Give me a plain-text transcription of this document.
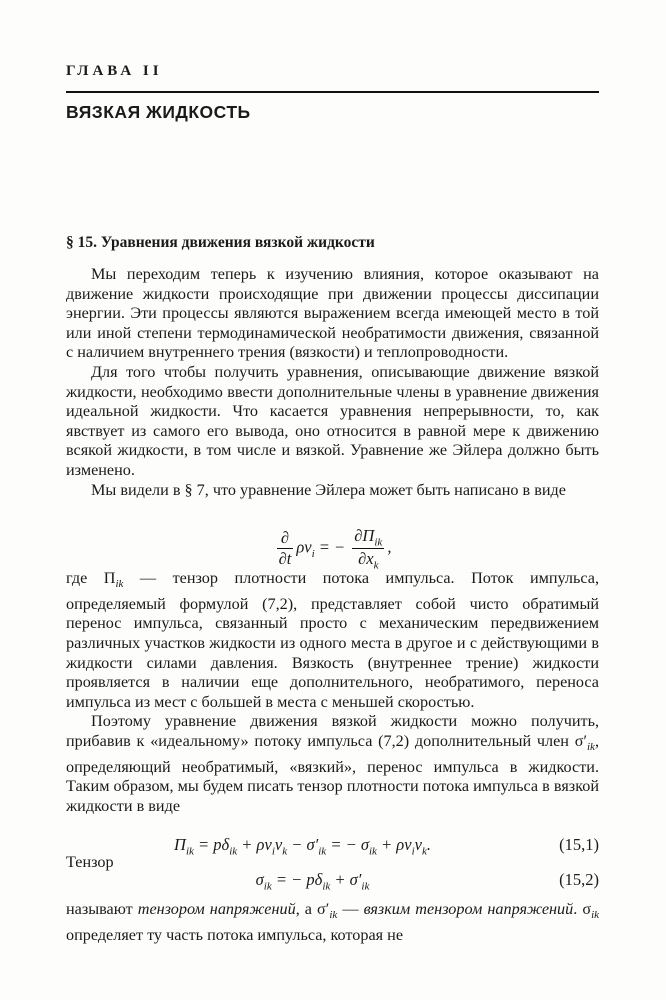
ГЛАВА II
ВЯЗКАЯ ЖИДКОСТЬ
§ 15. Уравнения движения вязкой жидкости

Мы переходим теперь к изучению влияния, которое оказывают на движение жидкости происходящие при движении процессы диссипации энергии. Эти процессы являются выражением всегда имеющей место в той или иной степени термодинамической необратимости движения, связанной с наличием внутреннего трения (вязкости) и теплопроводности.

Для того чтобы получить уравнения, описывающие движение вязкой жидкости, необходимо ввести дополнительные члены в уравнение движения идеальной жидкости. Что касается уравнения непрерывности, то, как явствует из самого его вывода, оно относится в равной мере к движению всякой жидкости, в том числе и вязкой. Уравнение же Эйлера должно быть изменено.

Мы видели в § 7, что уравнение Эйлера может быть написано в виде

$\frac{\partial}{\partial t} \rho v_i$ = − $\frac{\partial\Pi_{ik}}{\partial x_k}$ ,

где $\Pi_{ik}$ — тензор плотности потока импульса. Поток импульса, определяемый формулой (7,2), представляет собой чисто обратимый перенос импульса, связанный просто с механическим передвижением различных участков жидкости из одного места в другое и с действующими в жидкости силами давления. Вязкость (внутреннее трение) жидкости проявляется в наличии еще дополнительного, необратимого, переноса импульса из мест с большей в места с меньшей скоростью.

Поэтому уравнение движения вязкой жидкости можно получить, прибавив к «идеальному» потоку импульса (7,2) дополнительный член $\sigma'_{ik}$, определяющий необратимый, «вязкий», перенос импульса в жидкости. Таким образом, мы будем писать тензор плотности потока импульса в вязкой жидкости в виде

$\Pi_{ik} = p\delta_{ik} + \rho v_iv_k - \sigma'_{ik}$ = − $\sigma_{ik} + \rho v_iv_k$.	(15,1)
Тензор
$\sigma_{ik}$ = − $p\delta_{ik} + \sigma'_{ik}$	(15,2)

называют тензором напряжений, а $\sigma'_{ik}$ — вязким тензором напряжений. $\sigma_{ik}$ определяет ту часть потока импульса, которая не
